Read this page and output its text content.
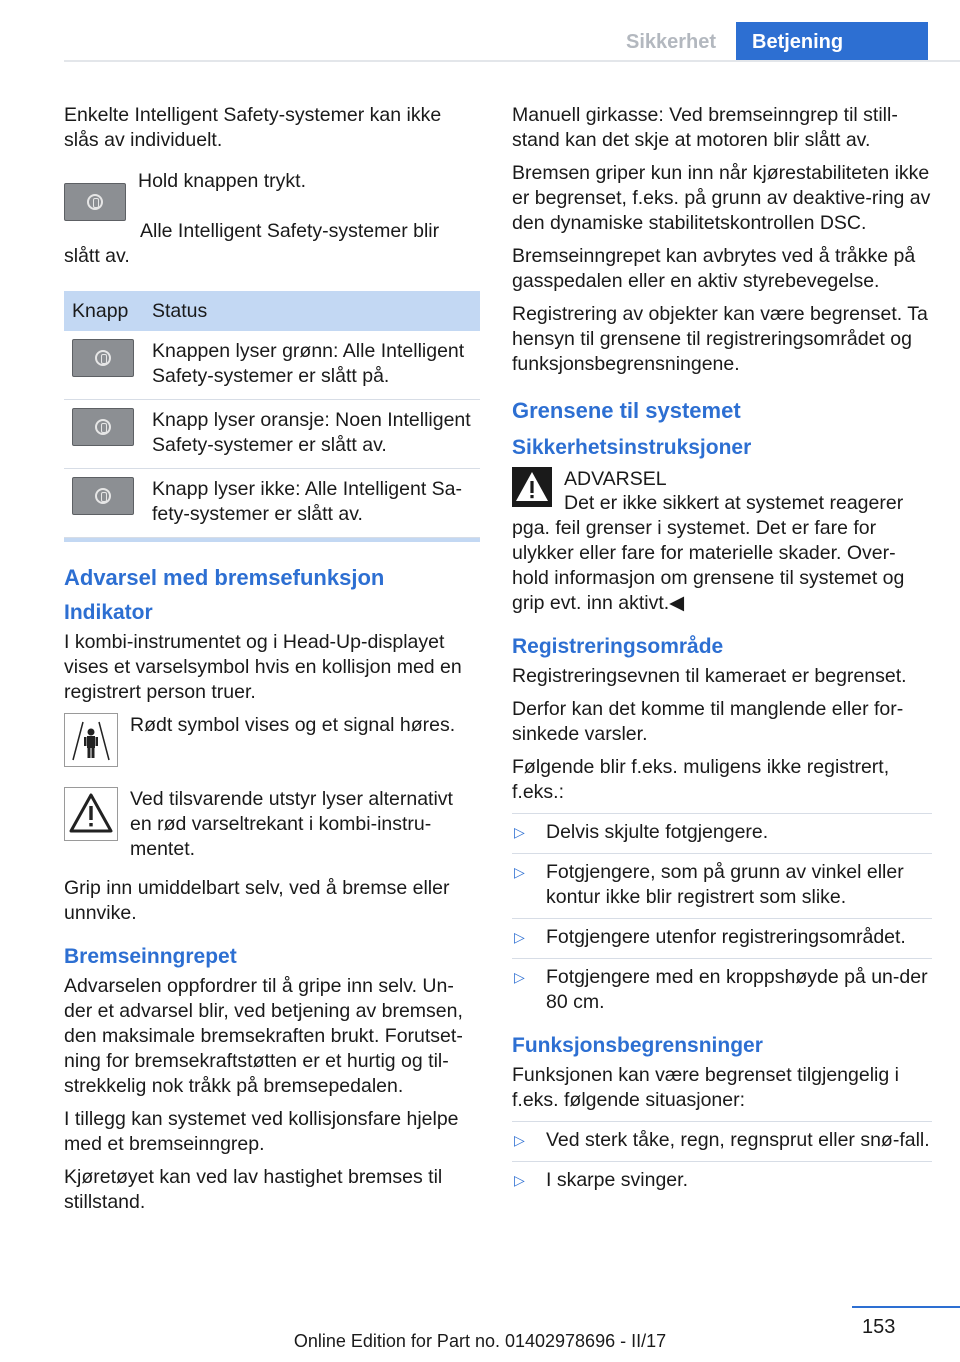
Sikkerhet	Betjening

Enkelte Intelligent Safety-systemer kan ikke slås av individuelt.

Hold knappen trykt.

Alle Intelligent Safety-systemer blir slått av.

Knapp	Status

	Knappen lyser grønn: Alle Intelligent Safety-systemer er slått på.

	Knapp lyser oransje: Noen Intelligent Safety-systemer er slått av.

	Knapp lyser ikke: Alle Intelligent Sa-fety-systemer er slått av.
Advarsel med bremsefunksjon
Indikator

I kombi-instrumentet og i Head-Up-displayet vises et varselsymbol hvis en kollisjon med en registrert person truer.

Rødt symbol vises og et signal høres.
Ved tilsvarende utstyr lyser alternativt en rød varseltrekant i kombi-instru-mentet.

Grip inn umiddelbart selv, ved å bremse eller unnvike.

Bremseinngrepet

Advarselen oppfordrer til å gripe inn selv. Un-der et advarsel blir, ved betjening av bremsen, den maksimale bremsekraften brukt. Forutset-ning for bremsekraftstøtten er et hurtig og til-strekkelig nok tråkk på bremsepedalen.

I tillegg kan systemet ved kollisjonsfare hjelpe med et bremseinngrep.

Kjøretøyet kan ved lav hastighet bremses til stillstand.

Manuell girkasse: Ved bremseinngrep til still-stand kan det skje at motoren blir slått av.

Bremsen griper kun inn når kjørestabiliteten ikke er begrenset, f.eks. på grunn av deaktive-ring av den dynamiske stabilitetskontrollen DSC.

Bremseinngrepet kan avbrytes ved å tråkke på gasspedalen eller en aktiv styrebevegelse.

Registrering av objekter kan være begrenset. Ta hensyn til grensene til registreringsområdet og funksjonsbegrensningene.

Grensene til systemet
Sikkerhetsinstruksjoner

ADVARSEL

Det er ikke sikkert at systemet reagerer pga. feil grenser i systemet. Det er fare for ulykker eller fare for materielle skader. Over-hold informasjon om grensene til systemet og grip evt. inn aktivt.◀

Registreringsområde

Registreringsevnen til kameraet er begrenset.

Derfor kan det komme til manglende eller for-sinkede varsler.

Følgende blir f.eks. muligens ikke registrert, f.eks.:

▷ Delvis skjulte fotgjengere.
▷ Fotgjengere, som på grunn av vinkel eller kontur ikke blir registrert som slike.
▷ Fotgjengere utenfor registreringsområdet.
▷ Fotgjengere med en kroppshøyde på un-der 80 cm.
Funksjonsbegrensninger

Funksjonen kan være begrenset tilgjengelig i f.eks. følgende situasjoner:

▷ Ved sterk tåke, regn, regnsprut eller snø-fall.
▷ I skarpe svinger.
153
Online Edition for Part no. 01402978696 - II/17
